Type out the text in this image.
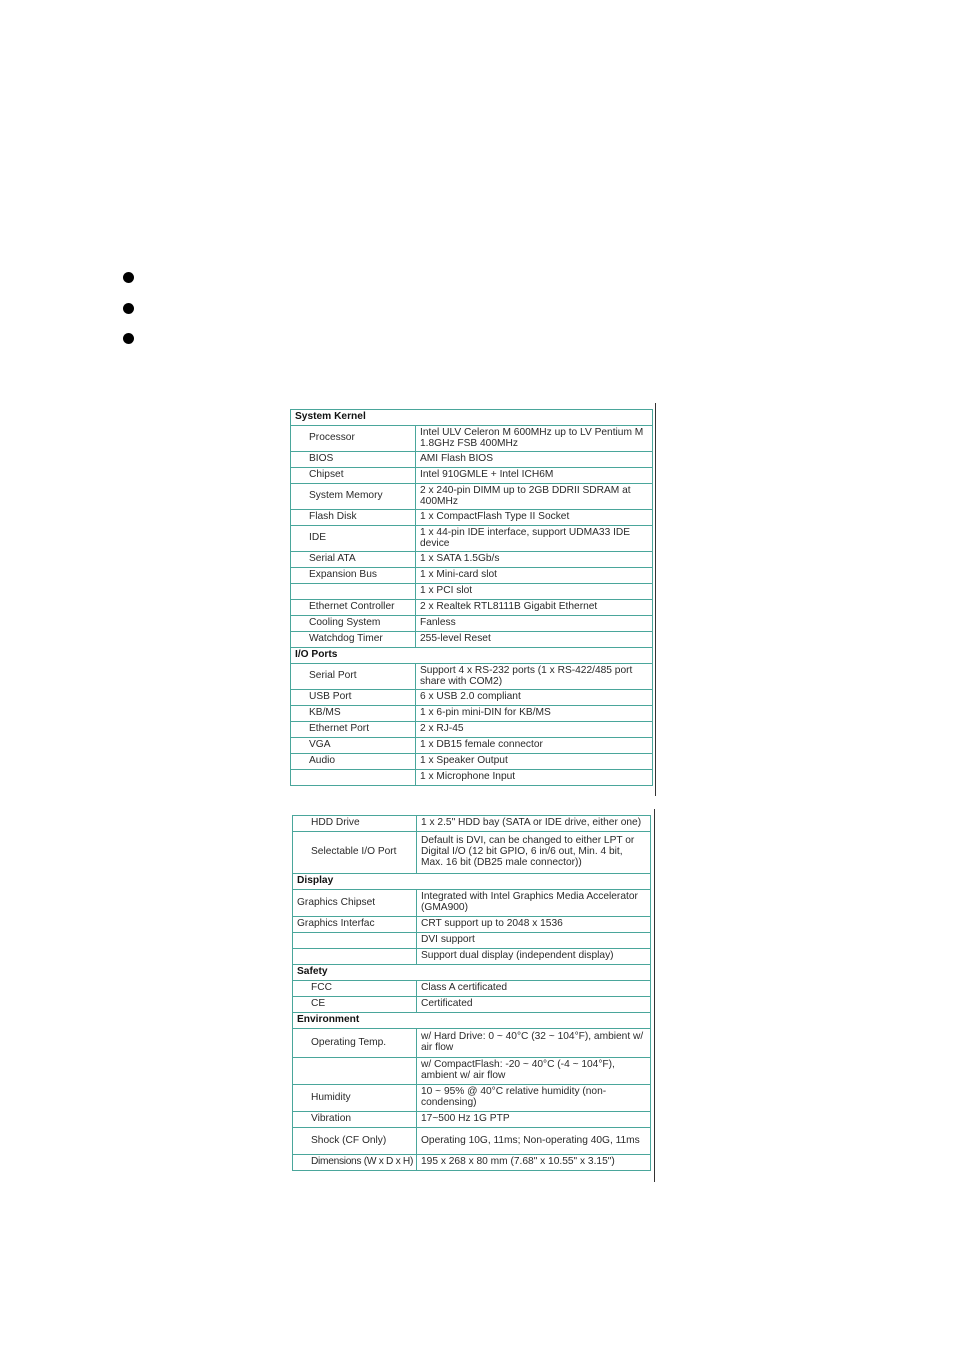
System Kernel	
Processor	Intel ULV Celeron M 600MHz up to LV Pentium M 1.8GHz FSB 400MHz
BIOS	AMI Flash BIOS
Chipset	Intel 910GMLE + Intel ICH6M
System Memory	2 x 240-pin DIMM up to 2GB DDRII SDRAM at 400MHz
Flash Disk	1 x CompactFlash Type II Socket
IDE	1 x 44-pin IDE interface, support UDMA33 IDE device
Serial ATA	1 x SATA 1.5Gb/s
Expansion Bus	1 x Mini-card slot
	1 x PCI slot
Ethernet Controller	2 x Realtek RTL8111B Gigabit Ethernet
Cooling System	Fanless
Watchdog Timer	255-level Reset
I/O Ports	
Serial Port	Support 4 x RS-232 ports (1 x RS-422/485 port share with COM2)
USB Port	6 x USB 2.0 compliant
KB/MS	1 x 6-pin mini-DIN for KB/MS
Ethernet Port	2 x RJ-45
VGA	1 x DB15 female connector
Audio	1 x Speaker Output
	1 x Microphone Input
HDD Drive	1 x 2.5" HDD bay (SATA or IDE drive, either one)
Selectable I/O Port	Default is DVI, can be changed to either LPT or Digital I/O (12 bit GPIO, 6 in/6 out, Min. 4 bit, Max. 16 bit (DB25 male connector))
Display	
Graphics Chipset	Integrated with Intel Graphics Media Accelerator (GMA900)
Graphics Interfac	CRT support up to 2048 x 1536
	DVI support
	Support dual display (independent display)
Safety	
FCC	Class A certificated
CE	Certificated
Environment	
Operating Temp.	w/ Hard Drive: 0 ~ 40°C (32 ~ 104°F), ambient w/ air flow
	w/ CompactFlash: -20 ~ 40°C (-4 ~ 104°F), ambient w/ air flow
Humidity	10 ~ 95% @ 40°C relative humidity (non-condensing)
Vibration	17~500 Hz 1G PTP
Shock (CF Only)	Operating 10G, 11ms; Non-operating 40G, 11ms
Dimensions (W x D x H)	195 x 268 x 80 mm (7.68" x 10.55" x 3.15")
